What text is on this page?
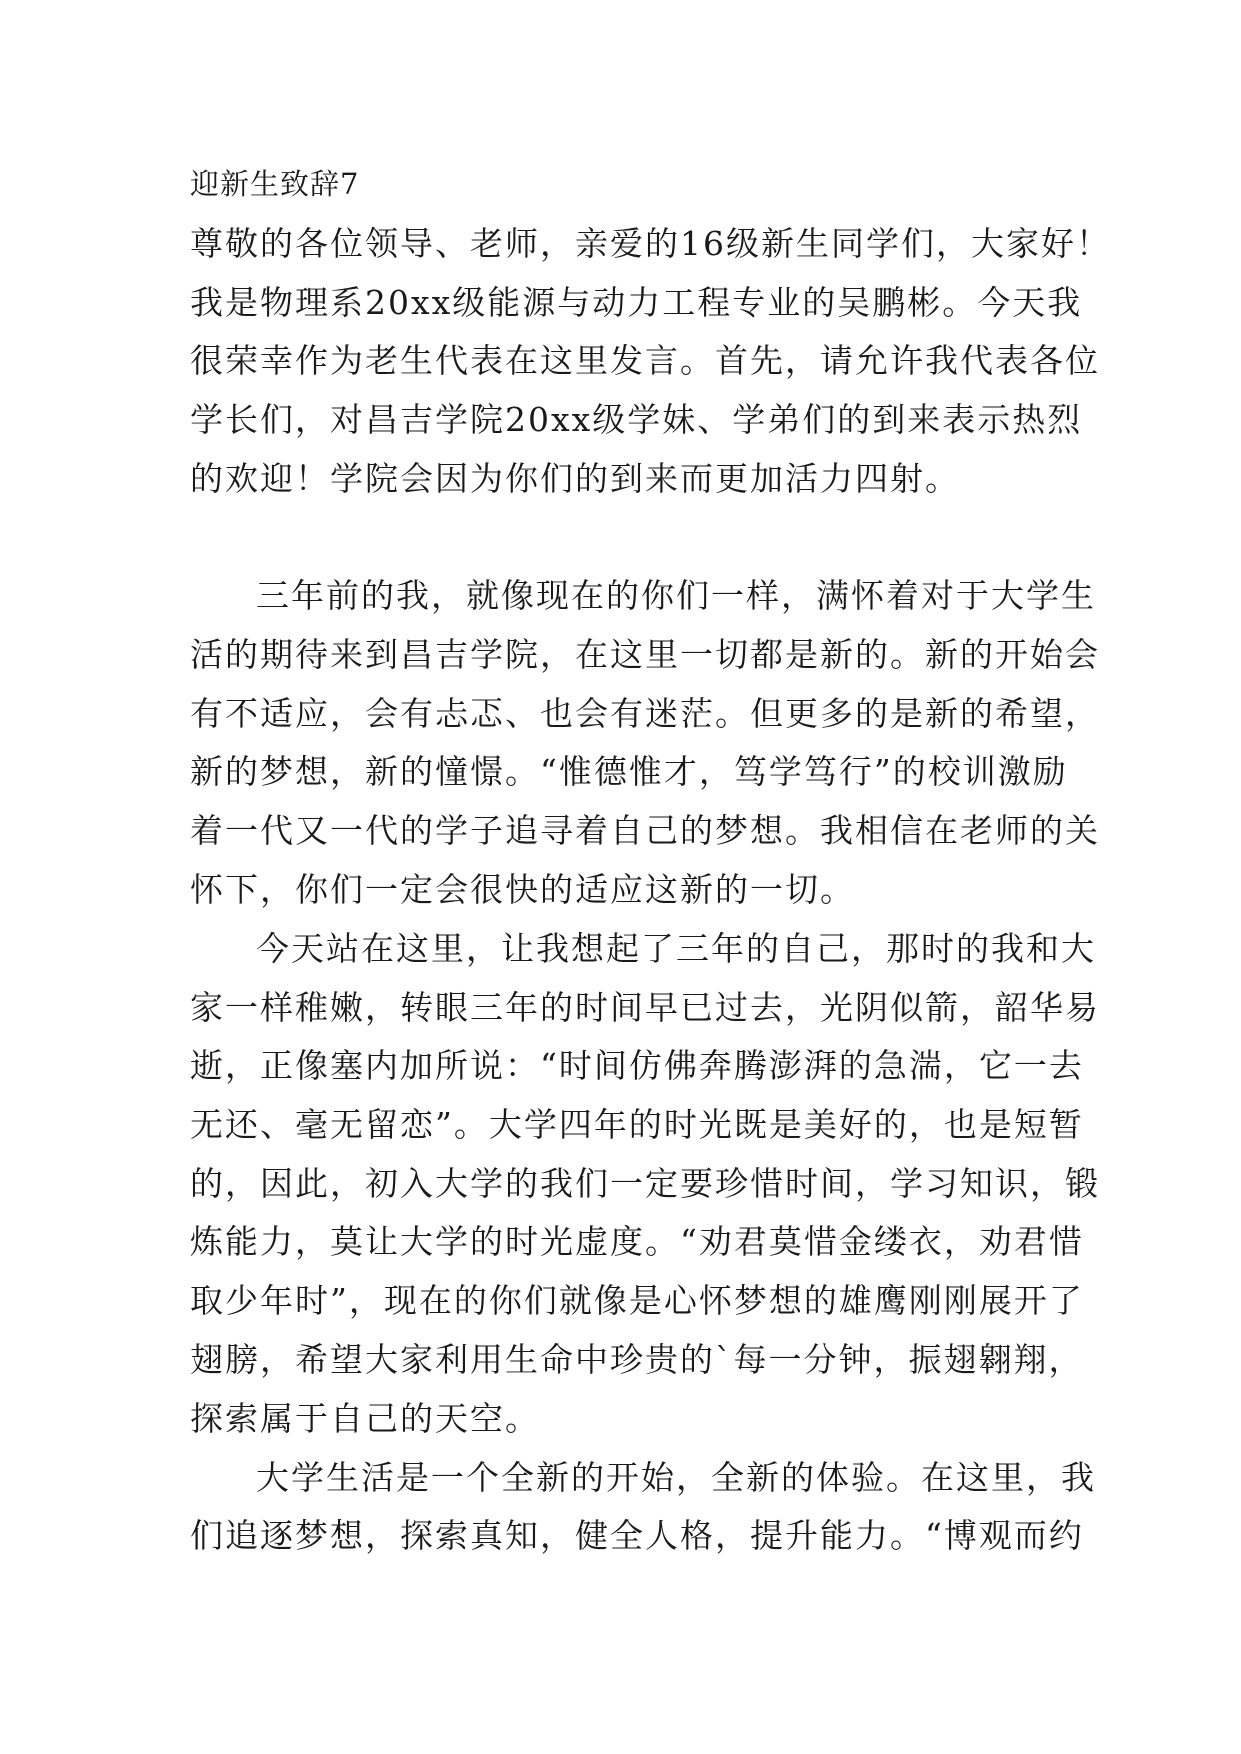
迎新生致辞7
尊敬的各位领导、老师，亲爱的16级新生同学们，大家好！
我是物理系20xx级能源与动力工程专业的吴鹏彬。今天我
很荣幸作为老生代表在这里发言。首先，请允许我代表各位
学长们，对昌吉学院20xx级学妹、学弟们的到来表示热烈
的欢迎！学院会因为你们的到来而更加活力四射。
三年前的我，就像现在的你们一样，满怀着对于大学生
活的期待来到昌吉学院，在这里一切都是新的。新的开始会
有不适应，会有忐忑、也会有迷茫。但更多的是新的希望，
新的梦想，新的憧憬。“惟德惟才，笃学笃行”的校训激励
着一代又一代的学子追寻着自己的梦想。我相信在老师的关
怀下，你们一定会很快的适应这新的一切。
今天站在这里，让我想起了三年的自己，那时的我和大
家一样稚嫩，转眼三年的时间早已过去，光阴似箭，韶华易
逝，正像塞内加所说：“时间仿佛奔腾澎湃的急湍，它一去
无还、毫无留恋”。大学四年的时光既是美好的，也是短暂
的，因此，初入大学的我们一定要珍惜时间，学习知识，锻
炼能力，莫让大学的时光虚度。“劝君莫惜金缕衣，劝君惜
取少年时”，现在的你们就像是心怀梦想的雄鹰刚刚展开了
翅膀，希望大家利用生命中珍贵的`每一分钟，振翅翱翔，
探索属于自己的天空。
大学生活是一个全新的开始，全新的体验。在这里，我
们追逐梦想，探索真知，健全人格，提升能力。“博观而约
